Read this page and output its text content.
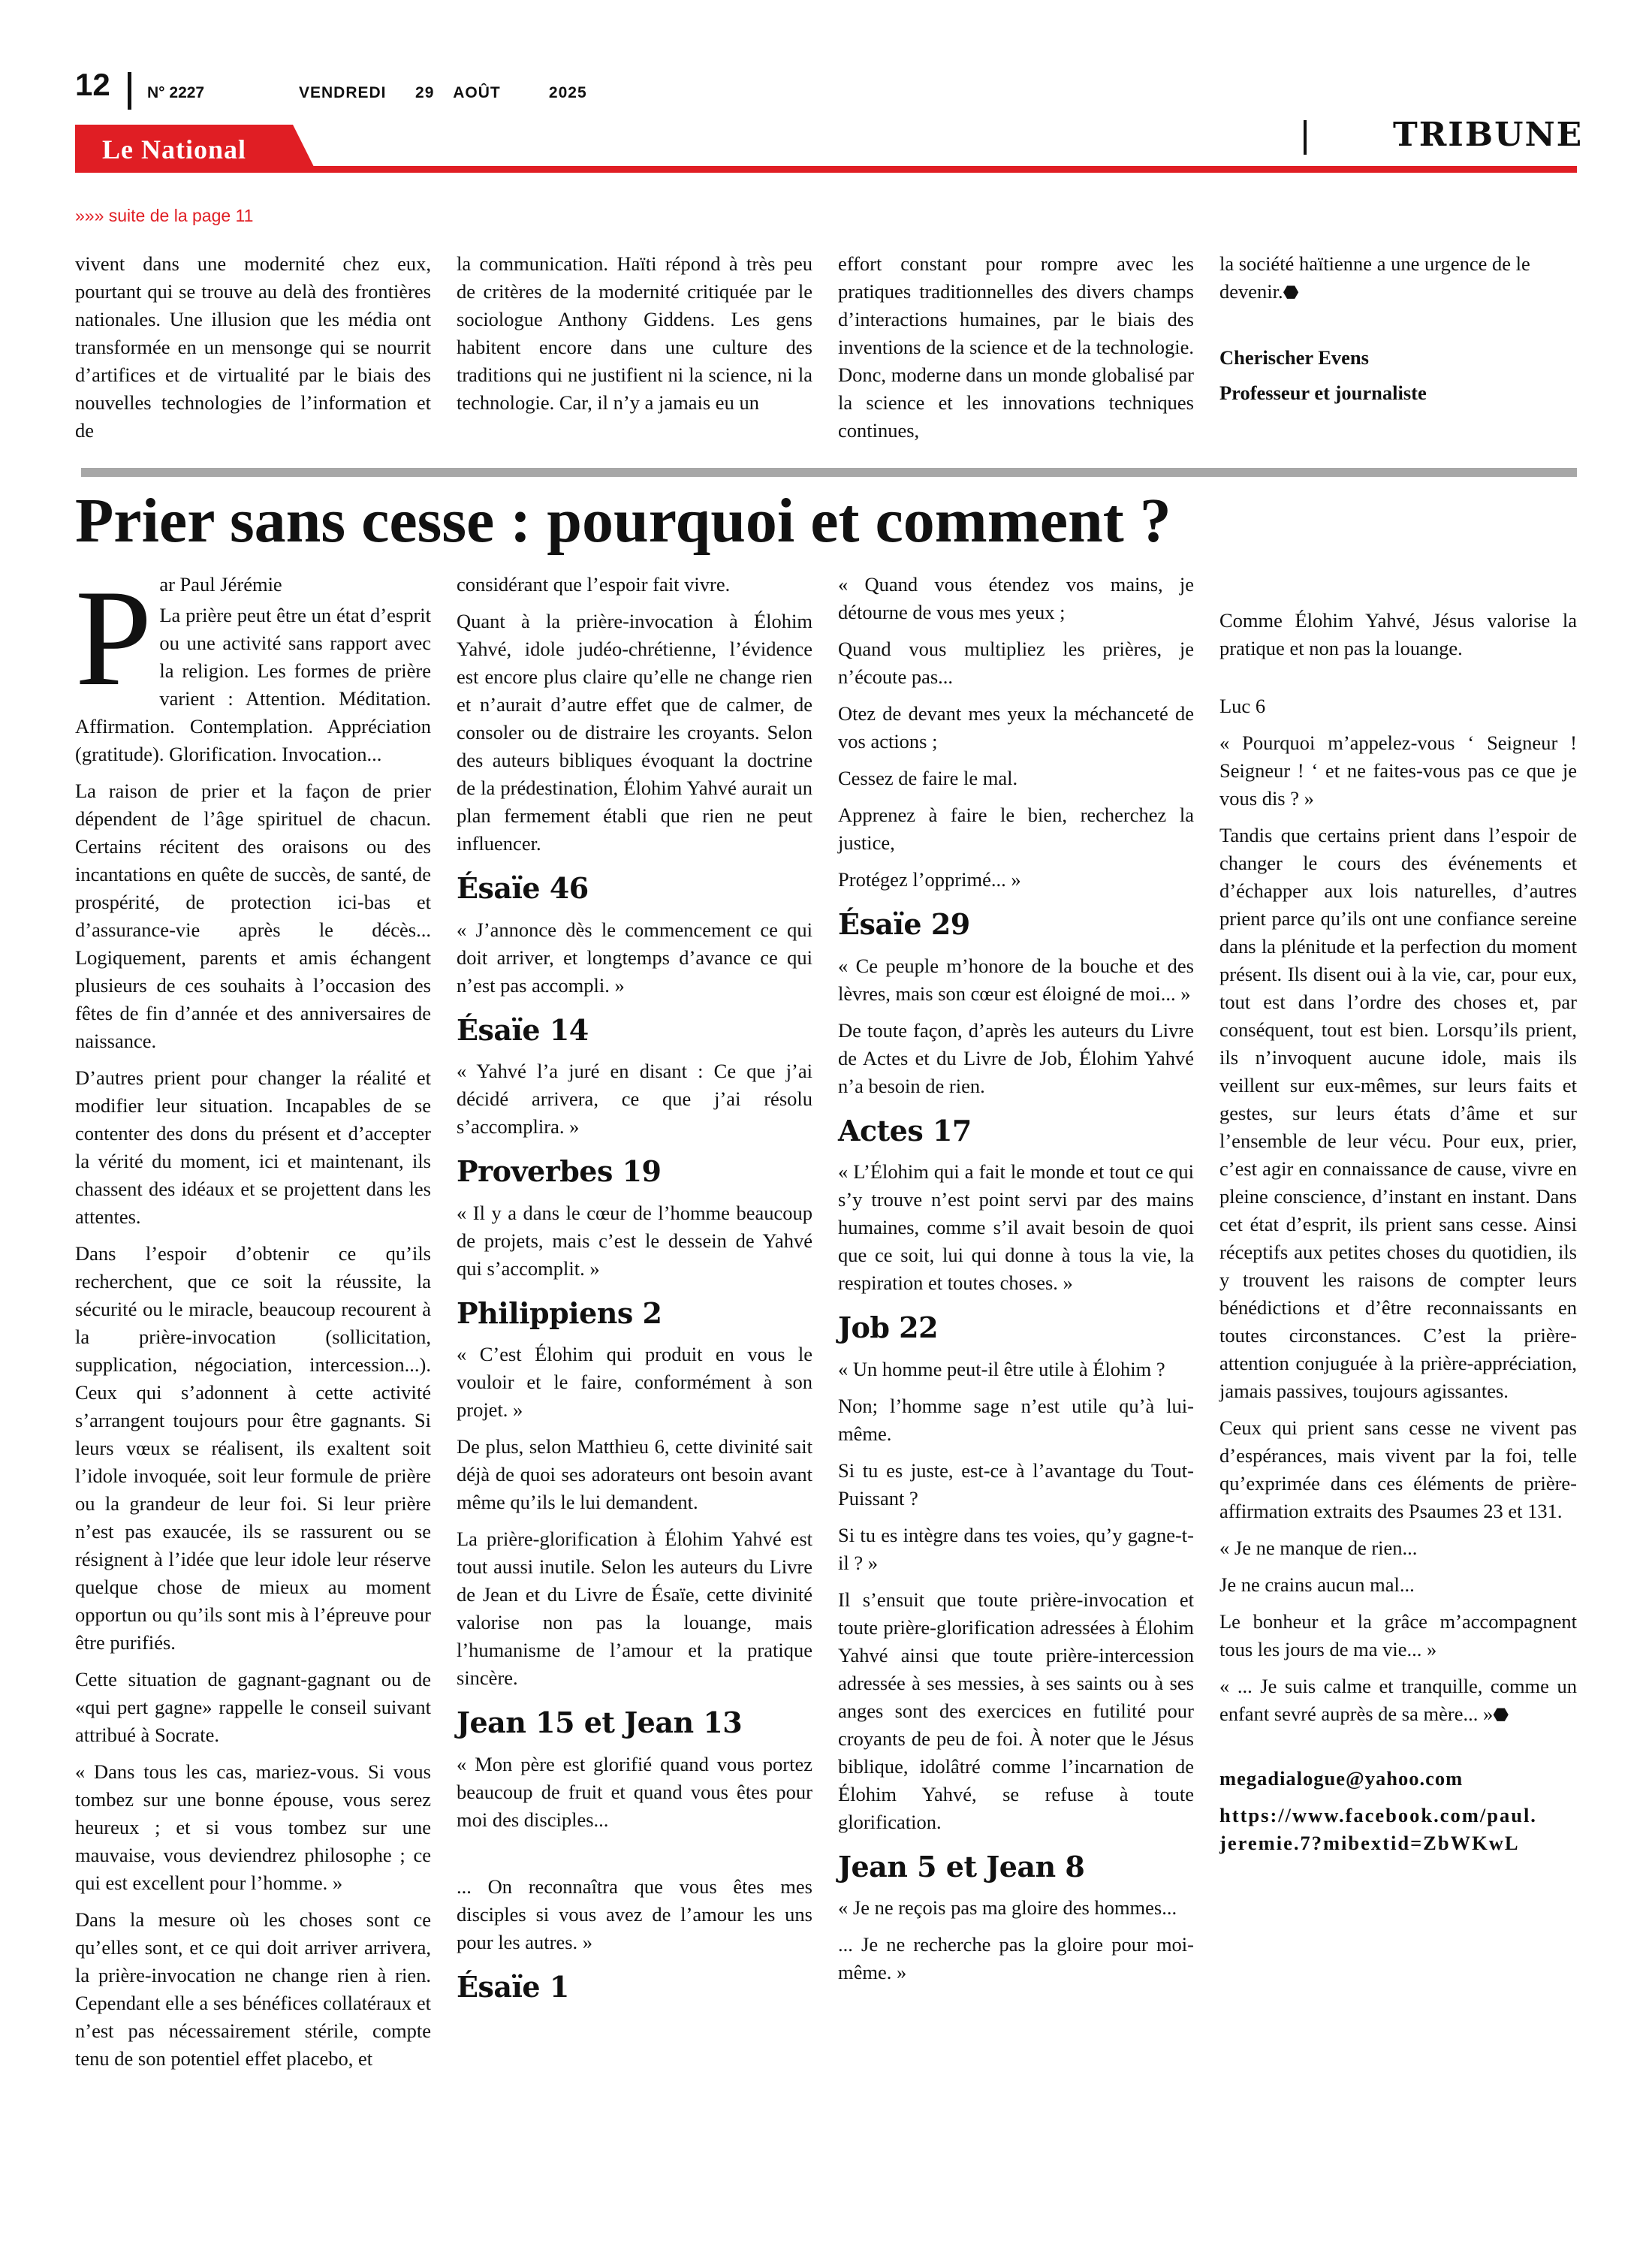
12 N° 2227	VENDREDI   29  AOÛT     2025
Le National	TRIBUNE
»»» suite de la page 11

vivent dans une modernité chez eux, pourtant qui se trouve au delà des frontières nationales. Une illusion que les média ont transformée en un mensonge qui se nourrit d’artifices et de virtualité par le biais des nouvelles technologies de l’information et de

la communication. Haïti répond à très peu de critères de la modernité critiquée par le sociologue Anthony Giddens. Les gens habitent encore dans une culture des traditions qui ne justifient ni la science, ni la technologie. Car, il n’y a jamais eu un

effort constant pour rompre avec les pratiques traditionnelles des divers champs d’interactions humaines, par le biais des inventions de la science et de la technologie. Donc, moderne dans un monde globalisé par la science et les innovations techniques continues,

la société haïtienne a une urgence de le devenir.⬣

Cherischer Evens

Professeur et journaliste

Prier sans cesse : pourquoi et comment ?
P ar Paul Jérémie

La prière peut être un état d’esprit ou une activité sans rapport avec la religion. Les formes de prière varient : Attention. Méditation. Affirmation. Contemplation. Appréciation (gratitude). Glorification. Invocation...

La raison de prier et la façon de prier dépendent de l’âge spirituel de chacun. Certains récitent des oraisons ou des incantations en quête de succès, de santé, de prospérité, de protection ici-bas et d’assurance-vie après le décès... Logiquement, parents et amis échangent plusieurs de ces souhaits à l’occasion des fêtes de fin d’année et des anniversaires de naissance.

D’autres prient pour changer la réalité et modifier leur situation. Incapables de se contenter des dons du présent et d’accepter la vérité du moment, ici et maintenant, ils chassent des idéaux et se projettent dans les attentes.

Dans l’espoir d’obtenir ce qu’ils recherchent, que ce soit la réussite, la sécurité ou le miracle, beaucoup recourent à la prière-invocation (sollicitation, supplication, négociation, intercession...). Ceux qui s’adonnent à cette activité s’arrangent toujours pour être gagnants. Si leurs vœux se réalisent, ils exaltent soit l’idole invoquée, soit leur formule de prière ou la grandeur de leur foi. Si leur prière n’est pas exaucée, ils se rassurent ou se résignent à l’idée que leur idole leur réserve quelque chose de mieux au moment opportun ou qu’ils sont mis à l’épreuve pour être purifiés.

Cette situation de gagnant-gagnant ou de «qui pert gagne» rappelle le conseil suivant attribué à Socrate.

« Dans tous les cas, mariez-vous. Si vous tombez sur une bonne épouse, vous serez heureux ; et si vous tombez sur une mauvaise, vous deviendrez philosophe ; ce qui est excellent pour l’homme. »

Dans la mesure où les choses sont ce qu’elles sont, et ce qui doit arriver arrivera, la prière-invocation ne change rien à rien. Cependant elle a ses bénéfices collatéraux et n’est pas nécessairement stérile, compte tenu de son potentiel effet placebo, et

considérant que l’espoir fait vivre.

Quant à la prière-invocation à Élohim Yahvé, idole judéo-chrétienne, l’évidence est encore plus claire qu’elle ne change rien et n’aurait d’autre effet que de calmer, de consoler ou de distraire les croyants. Selon des auteurs bibliques évoquant la doctrine de la prédestination, Élohim Yahvé aurait un plan fermement établi que rien ne peut influencer.

Ésaïe 46

« J’annonce dès le commencement ce qui doit arriver, et longtemps d’avance ce qui n’est pas accompli. »

Ésaïe 14

« Yahvé l’a juré en disant : Ce que j’ai décidé arrivera, ce que j’ai résolu s’accomplira. »

Proverbes 19

« Il y a dans le cœur de l’homme beaucoup de projets, mais c’est le dessein de Yahvé qui s’accomplit. »

Philippiens 2

« C’est Élohim qui produit en vous le vouloir et le faire, conformément à son projet. »

De plus, selon Matthieu 6, cette divinité sait déjà de quoi ses adorateurs ont besoin avant même qu’ils le lui demandent.

La prière-glorification à Élohim Yahvé est tout aussi inutile. Selon les auteurs du Livre de Jean et du Livre de Ésaïe, cette divinité valorise non pas la louange, mais l’humanisme de l’amour et la pratique sincère.

Jean 15 et Jean 13

« Mon père est glorifié quand vous portez beaucoup de fruit et quand vous êtes pour moi des disciples...

... On reconnaîtra que vous êtes mes disciples si vous avez de l’amour les uns pour les autres. »

Ésaïe 1

« Quand vous étendez vos mains, je détourne de vous mes yeux ;

Quand vous multipliez les prières, je n’écoute pas...

Otez de devant mes yeux la méchanceté de vos actions ;

Cessez de faire le mal.

Apprenez à faire le bien, recherchez la justice,

Protégez l’opprimé... »

Ésaïe 29

« Ce peuple m’honore de la bouche et des lèvres, mais son cœur est éloigné de moi... »

De toute façon, d’après les auteurs du Livre de Actes et du Livre de Job, Élohim Yahvé n’a besoin de rien.

Actes 17

« L’Élohim qui a fait le monde et tout ce qui s’y trouve n’est point servi par des mains humaines, comme s’il avait besoin de quoi que ce soit, lui qui donne à tous la vie, la respiration et toutes choses. »

Job 22

« Un homme peut-il être utile à Élohim ?

Non; l’homme sage n’est utile qu’à lui-même.

Si tu es juste, est-ce à l’avantage du Tout-Puissant ?

Si tu es intègre dans tes voies, qu’y gagne-t-il ? »

Il s’ensuit que toute prière-invocation et toute prière-glorification adressées à Élohim Yahvé ainsi que toute prière-intercession adressée à ses messies, à ses saints ou à ses anges sont des exercices en futilité pour croyants de peu de foi. À noter que le Jésus biblique, idolâtré comme l’incarnation de Élohim Yahvé, se refuse à toute glorification.

Jean 5 et Jean 8

« Je ne reçois pas ma gloire des hommes...

... Je ne recherche pas la gloire pour moi-même. »

Comme Élohim Yahvé, Jésus valorise la pratique et non pas la louange.

Luc 6

« Pourquoi m’appelez-vous ‘ Seigneur ! Seigneur ! ‘ et ne faites-vous pas ce que je vous dis ? »

Tandis que certains prient dans l’espoir de changer le cours des événements et d’échapper aux lois naturelles, d’autres prient parce qu’ils ont une confiance sereine dans la plénitude et la perfection du moment présent. Ils disent oui à la vie, car, pour eux, tout est dans l’ordre des choses et, par conséquent, tout est bien. Lorsqu’ils prient, ils n’invoquent aucune idole, mais ils veillent sur eux-mêmes, sur leurs faits et gestes, sur leurs états d’âme et sur l’ensemble de leur vécu. Pour eux, prier, c’est agir en connaissance de cause, vivre en pleine conscience, d’instant en instant. Dans cet état d’esprit, ils prient sans cesse. Ainsi réceptifs aux petites choses du quotidien, ils y trouvent les raisons de compter leurs bénédictions et d’être reconnaissants en toutes circonstances. C’est la prière-attention conjuguée à la prière-appréciation, jamais passives, toujours agissantes.

Ceux qui prient sans cesse ne vivent pas d’espérances, mais vivent par la foi, telle qu’exprimée dans ces éléments de prière-affirmation extraits des Psaumes 23 et 131.

« Je ne manque de rien...

Je ne crains aucun mal...

Le bonheur et la grâce m’accompagnent tous les jours de ma vie... »

« ... Je suis calme et tranquille, comme un enfant sevré auprès de sa mère... »⬣

megadialogue@yahoo.com

https://www.facebook.com/paul.
jeremie.7?mibextid=ZbWKwL
